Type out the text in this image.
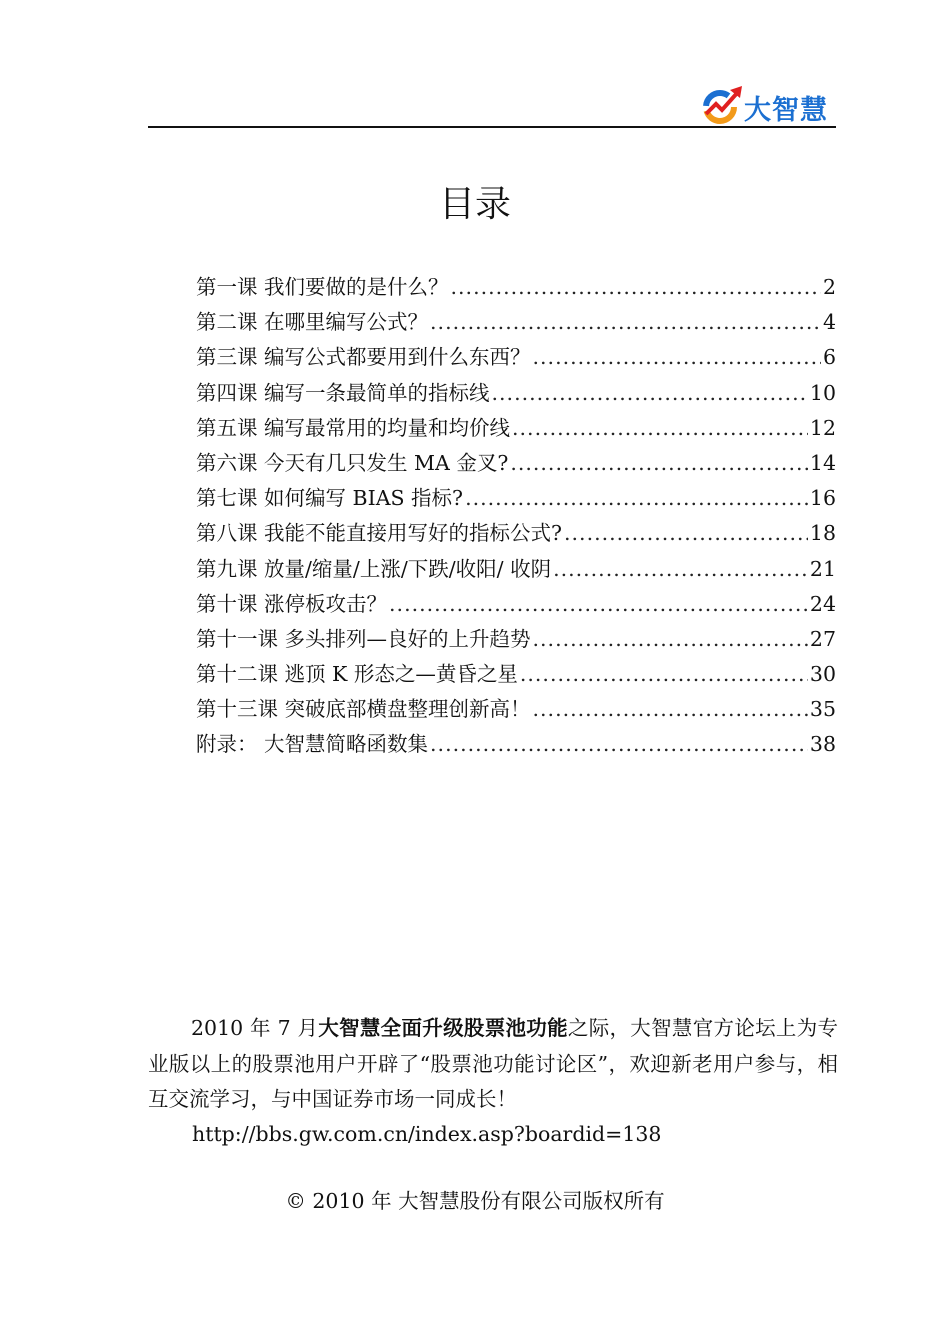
大智慧
目录
第一课 我们要做的是什么？ .....	2
第二课 在哪里编写公式？ .....	4
第三课 编写公式都要用到什么东西？ .....	6
第四课 编写一条最简单的指标线 .....	10
第五课 编写最常用的均量和均价线 .....	12
第六课 今天有几只发生 MA 金叉? .....	14
第七课 如何编写 BIAS 指标? .....	16
第八课 我能不能直接用写好的指标公式? .....	18
第九课 放量/缩量/上涨/下跌/收阳/ 收阴 .....	21
第十课 涨停板攻击？ .....	24
第十一课 多头排列—良好的上升趋势 .....	27
第十二课 逃顶 K 形态之—黄昏之星 .....	30
第十三课 突破底部横盘整理创新高！ .....	35
附录： 大智慧简略函数集 .....	38
2010 年 7 月大智慧全面升级股票池功能之际，大智慧官方论坛上为专业版以上的股票池用户开辟了“股票池功能讨论区”，欢迎新老用户参与，相互交流学习，与中国证券市场一同成长！
http://bbs.gw.com.cn/index.asp?boardid=138
© 2010 年 大智慧股份有限公司版权所有
